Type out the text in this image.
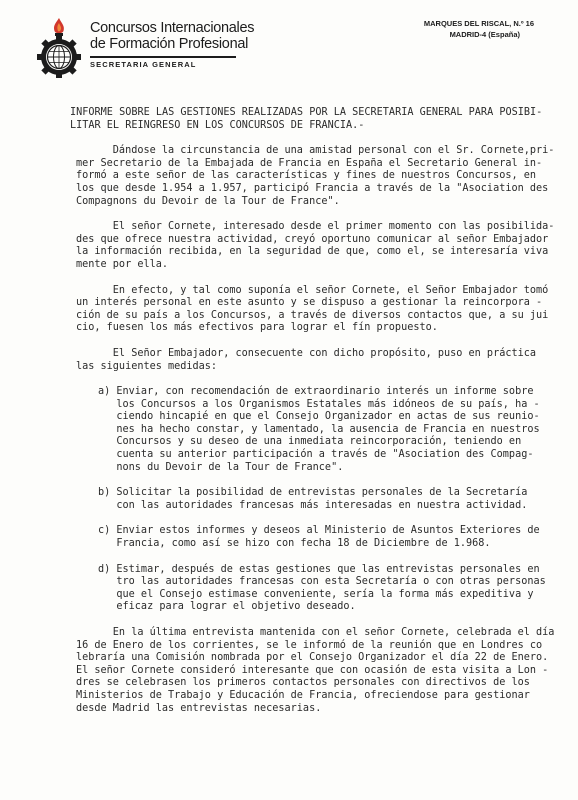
Concursos Internacionales
de Formación Profesional
SECRETARIA GENERAL
MARQUES DEL RISCAL, N.º 16
MADRID-4 (España)
INFORME SOBRE LAS GESTIONES REALIZADAS POR LA SECRETARIA GENERAL PARA POSIBI-
LITAR EL REINGRESO EN LOS CONCURSOS DE FRANCIA.-
Dándose la circunstancia de una amistad personal con el Sr. Cornete,pri-
mer Secretario de la Embajada de Francia en España el Secretario General in-
formó a este señor de las características y fines de nuestros Concursos, en
los que desde 1.954 a 1.957, participó Francia a través de la "Asociation des
Compagnons du Devoir de la Tour de France".
El señor Cornete, interesado desde el primer momento con las posibilida-
des que ofrece nuestra actividad, creyó oportuno comunicar al señor Embajador
la información recibida, en la seguridad de que, como el, se interesaría viva
mente por ella.
En efecto, y tal como suponía el señor Cornete, el Señor Embajador tomó
un interés personal en este asunto y se dispuso a gestionar la reincorpora -
ción de su país a los Concursos, a través de diversos contactos que, a su jui
cio, fuesen los más efectivos para lograr el fín propuesto.
El Señor Embajador, consecuente con dicho propósito, puso en práctica
las siguientes medidas:
a) Enviar, con recomendación de extraordinario interés un informe sobre
los Concursos a los Organismos Estatales más idóneos de su país, ha -
ciendo hincapié en que el Consejo Organizador en actas de sus reunio-
nes ha hecho constar, y lamentado, la ausencia de Francia en nuestros
Concursos y su deseo de una inmediata reincorporación, teniendo en
cuenta su anterior participación a través de "Asociation des Compag-
nons du Devoir de la Tour de France".
b) Solicitar la posibilidad de entrevistas personales de la Secretaría
con las autoridades francesas más interesadas en nuestra actividad.
c) Enviar estos informes y deseos al Ministerio de Asuntos Exteriores de
Francia, como así se hizo con fecha 18 de Diciembre de 1.968.
d) Estimar, después de estas gestiones que las entrevistas personales en
tro las autoridades francesas con esta Secretaría o con otras personas
que el Consejo estimase conveniente, sería la forma más expeditiva y
eficaz para lograr el objetivo deseado.
En la última entrevista mantenida con el señor Cornete, celebrada el día
16 de Enero de los corrientes, se le informó de la reunión que en Londres co
lebraría una Comisión nombrada por el Consejo Organizador el día 22 de Enero.
El señor Cornete consideró interesante que con ocasión de esta visita a Lon -
dres se celebrasen los primeros contactos personales con directivos de los
Ministerios de Trabajo y Educación de Francia, ofreciendose para gestionar
desde Madrid las entrevistas necesarias.
